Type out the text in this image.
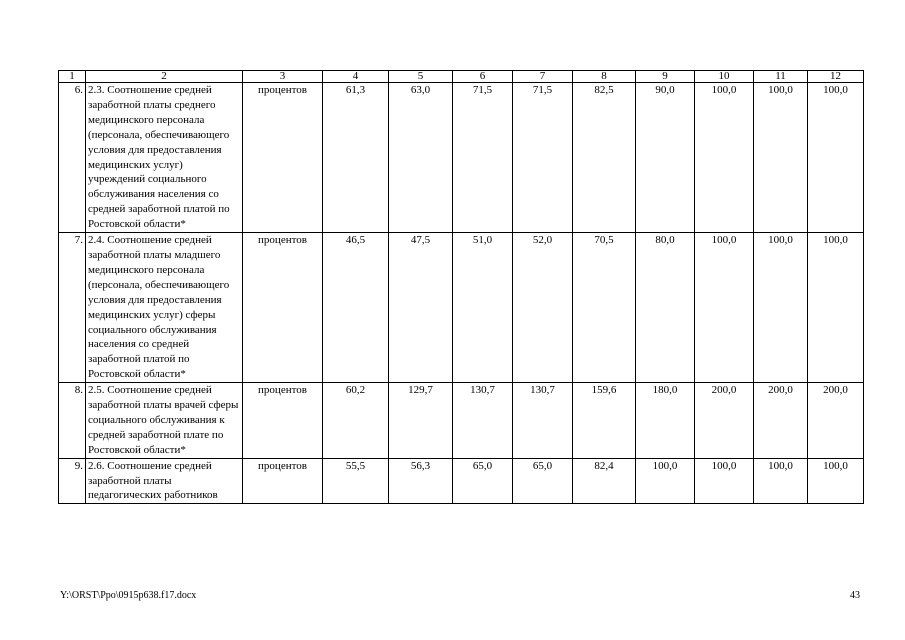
1	2	3	4	5	6	7	8	9	10	11	12
6.	2.3. Соотношение средней заработной платы среднего медицинского персонала (персонала, обеспечивающего условия для предоставления медицинских услуг) учреждений социального обслуживания населения со средней заработной платой по Ростовской области*	процентов	61,3	63,0	71,5	71,5	82,5	90,0	100,0	100,0	100,0
7.	2.4. Соотношение средней заработной платы младшего медицинского персонала (персонала, обеспечивающего условия для предоставления медицинских услуг) сферы социального обслуживания населения со средней заработной платой по Ростовской области*	процентов	46,5	47,5	51,0	52,0	70,5	80,0	100,0	100,0	100,0
8.	2.5. Соотношение средней заработной платы врачей сферы социального обслуживания к средней заработной плате по Ростовской области*	процентов	60,2	129,7	130,7	130,7	159,6	180,0	200,0	200,0	200,0
9.	2.6. Соотношение средней заработной платы педагогических работников	процентов	55,5	56,3	65,0	65,0	82,4	100,0	100,0	100,0	100,0
Y:\ORST\Ppo\0915p638.f17.docx	43
